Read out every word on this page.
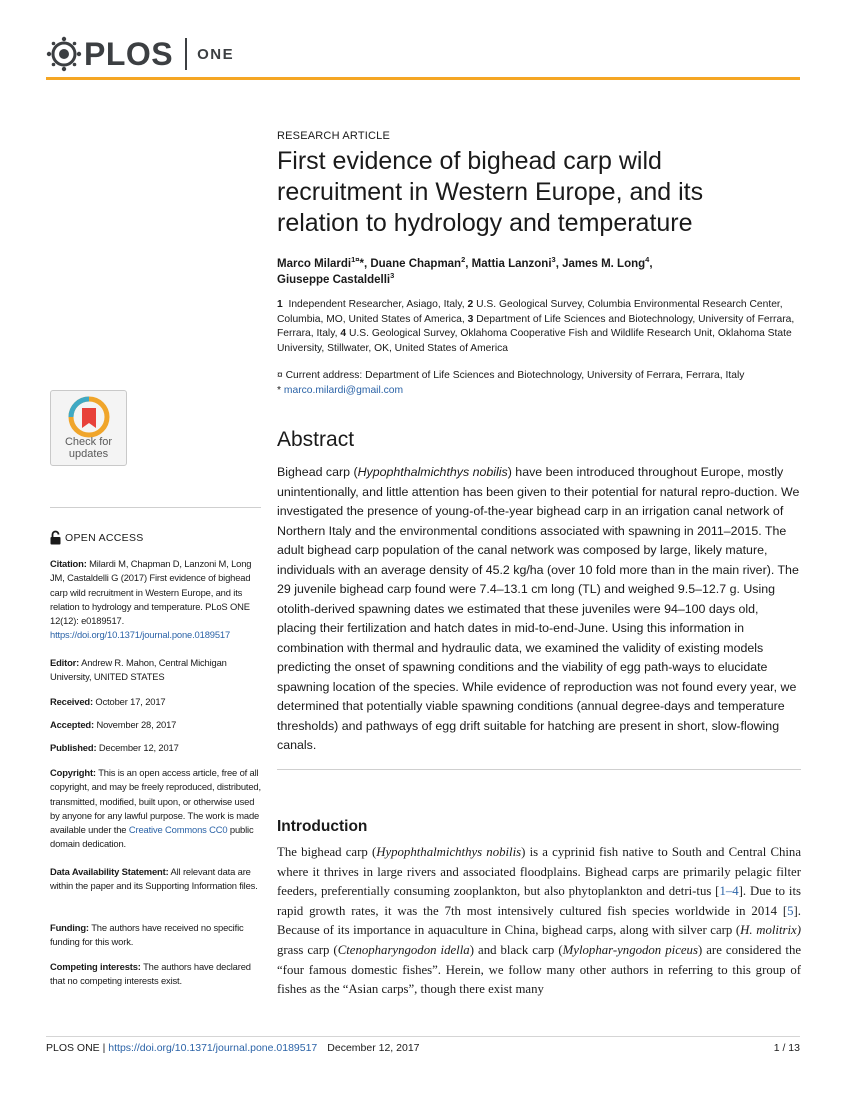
PLOS ONE
RESEARCH ARTICLE
First evidence of bighead carp wild recruitment in Western Europe, and its relation to hydrology and temperature
Marco Milardi$^{1¤}$*, Duane Chapman$^2$, Mattia Lanzoni$^3$, James M. Long$^4$,
Giuseppe Castaldelli$^3$
1 Independent Researcher, Asiago, Italy, 2 U.S. Geological Survey, Columbia Environmental Research Center, Columbia, MO, United States of America, 3 Department of Life Sciences and Biotechnology, University of Ferrara, Ferrara, Italy, 4 U.S. Geological Survey, Oklahoma Cooperative Fish and Wildlife Research Unit, Oklahoma State University, Stillwater, OK, United States of America
¤ Current address: Department of Life Sciences and Biotechnology, University of Ferrara, Ferrara, Italy
* marco.milardi@gmail.com
Check for
updates
Abstract

Bighead carp (Hypophthalmichthys nobilis) have been introduced throughout Europe, mostly unintentionally, and little attention has been given to their potential for natural repro-duction. We investigated the presence of young-of-the-year bighead carp in an irrigation canal network of Northern Italy and the environmental conditions associated with spawning in 2011–2015. The adult bighead carp population of the canal network was composed by large, likely mature, individuals with an average density of 45.2 kg/ha (over 10 fold more than in the main river). The 29 juvenile bighead carp found were 7.4–13.1 cm long (TL) and weighed 9.5–12.7 g. Using otolith-derived spawning dates we estimated that these juveniles were 94–100 days old, placing their fertilization and hatch dates in mid-to-end-June. Using this information in combination with thermal and hydraulic data, we examined the validity of existing models predicting the onset of spawning conditions and the viability of egg path-ways to elucidate spawning location of the species. While evidence of reproduction was not found every year, we determined that potentially viable spawning conditions (annual degree-days and temperature thresholds) and pathways of egg drift suitable for hatching are present in short, slow-flowing canals.

Introduction

The bighead carp (Hypophthalmichthys nobilis) is a cyprinid fish native to South and Central China where it thrives in large rivers and associated floodplains. Bighead carps are primarily pelagic filter feeders, preferentially consuming zooplankton, but also phytoplankton and detri-tus [1–4]. Due to its rapid growth rates, it was the 7th most intensively cultured fish species worldwide in 2014 [5]. Because of its importance in aquaculture in China, bighead carps, along with silver carp (H. molitrix) grass carp (Ctenopharyngodon idella) and black carp (Mylophar-yngodon piceus) are considered the “four famous domestic fishes”. Herein, we follow many other authors in referring to this group of fishes as the “Asian carps”, though there exist many

OPEN ACCESS
Citation: Milardi M, Chapman D, Lanzoni M, Long JM, Castaldelli G (2017) First evidence of bighead carp wild recruitment in Western Europe, and its relation to hydrology and temperature. PLoS ONE 12(12): e0189517. https://doi.org/10.1371/journal.pone.0189517
Editor: Andrew R. Mahon, Central Michigan University, UNITED STATES
Received: October 17, 2017
Accepted: November 28, 2017
Published: December 12, 2017
Copyright: This is an open access article, free of all copyright, and may be freely reproduced, distributed, transmitted, modified, built upon, or otherwise used by anyone for any lawful purpose. The work is made available under the Creative Commons CC0 public domain dedication.
Data Availability Statement: All relevant data are within the paper and its Supporting Information files.
Funding: The authors have received no specific funding for this work.
Competing interests: The authors have declared that no competing interests exist.
PLOS ONE |
https://doi.org/10.1371/journal.pone.0189517 December 12, 2017	1 / 13
